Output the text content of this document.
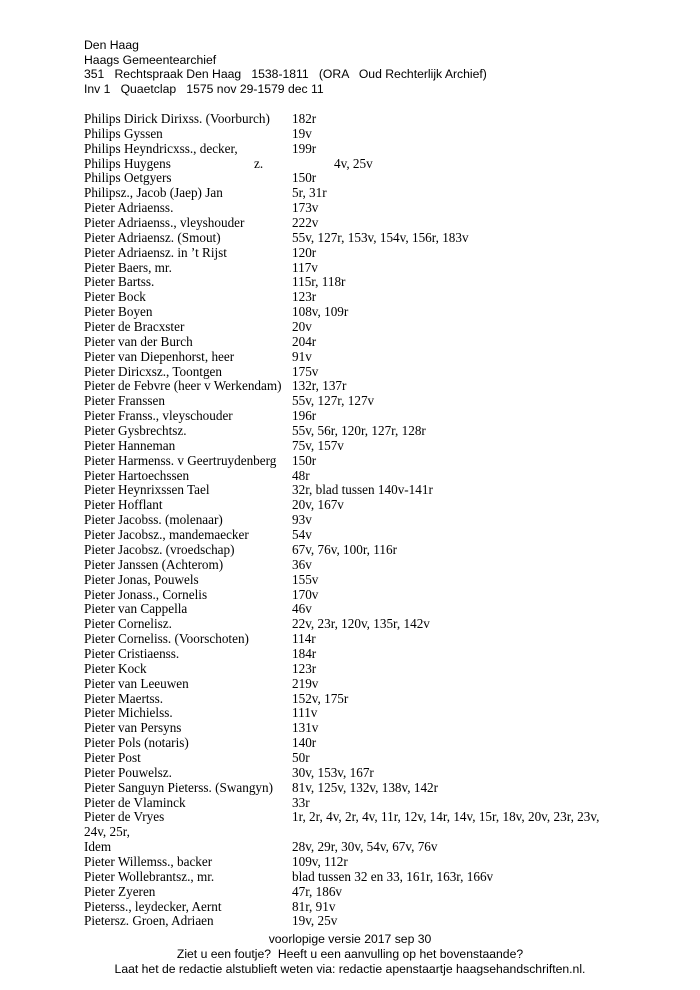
Den Haag
Haags Gemeentearchief
351   Rechtspraak Den Haag   1538-1811   (ORA   Oud Rechterlijk Archief)
Inv 1   Quaetclap   1575 nov 29-1579 dec 11
Philips Dirick Dirixss. (Voorburch) 182r
Philips Gyssen	19v
Philips Heyndricxss., decker,	199r
Philips Huygens	z.	4v, 25v
Philips Oetgyers	150r
Philipsz., Jacob (Jaep) Jan	5r, 31r
Pieter Adriaenss.	173v
Pieter Adriaenss., vleyshouder	222v
Pieter Adriaensz. (Smout)	55v, 127r, 153v, 154v, 156r, 183v
Pieter Adriaensz. in ’t Rijst	120r
Pieter Baers, mr.	117v
Pieter Bartss.	115r, 118r
Pieter Bock	123r
Pieter Boyen	108v, 109r
Pieter de Bracxster	20v
Pieter van der Burch	204r
Pieter van Diepenhorst, heer	91v
Pieter Diricxsz., Toontgen	175v
Pieter de Febvre (heer v Werkendam) 132r, 137r
Pieter Franssen	55v, 127r, 127v
Pieter Franss., vleyschouder	196r
Pieter Gysbrechtsz.	55v, 56r, 120r, 127r, 128r
Pieter Hanneman	75v, 157v
Pieter Harmenss. v Geertruydenberg 150r
Pieter Hartoechssen	48r
Pieter Heynrixssen Tael	32r, blad tussen 140v-141r
Pieter Hofflant	20v, 167v
Pieter Jacobss. (molenaar)	93v
Pieter Jacobsz., mandemaecker	54v
Pieter Jacobsz. (vroedschap)	67v, 76v, 100r, 116r
Pieter Janssen (Achterom)	36v
Pieter Jonas, Pouwels	155v
Pieter Jonass., Cornelis	170v
Pieter van Cappella	46v
Pieter Cornelisz.	22v, 23r, 120v, 135r, 142v
Pieter Corneliss. (Voorschoten)	114r
Pieter Cristiaenss.	184r
Pieter Kock	123r
Pieter van Leeuwen	219v
Pieter Maertss.	152v, 175r
Pieter Michielss.	111v
Pieter van Persyns	131v
Pieter Pols (notaris)	140r
Pieter Post	50r
Pieter Pouwelsz.	30v, 153v, 167r
Pieter Sanguyn Pieterss. (Swangyn) 81v, 125v, 132v, 138v, 142r
Pieter de Vlaminck	33r
Pieter de Vryes	1r, 2r, 4v, 2r, 4v, 11r, 12v, 14r, 14v, 15r, 18v, 20v, 23r, 23v,
24v, 25r,
Idem	28v, 29r, 30v, 54v, 67v, 76v
Pieter Willemss., backer	109v, 112r
Pieter Wollebrantsz., mr.	blad tussen 32 en 33, 161r, 163r, 166v
Pieter Zyeren	47r, 186v
Pieterss., leydecker, Aernt	81r, 91v
Pietersz. Groen, Adriaen	19v, 25v
voorlopige versie 2017 sep 30
Ziet u een foutje?  Heeft u een aanvulling op het bovenstaande?
Laat het de redactie alstublieft weten via: redactie apenstaartje haagsehandschriften.nl.
